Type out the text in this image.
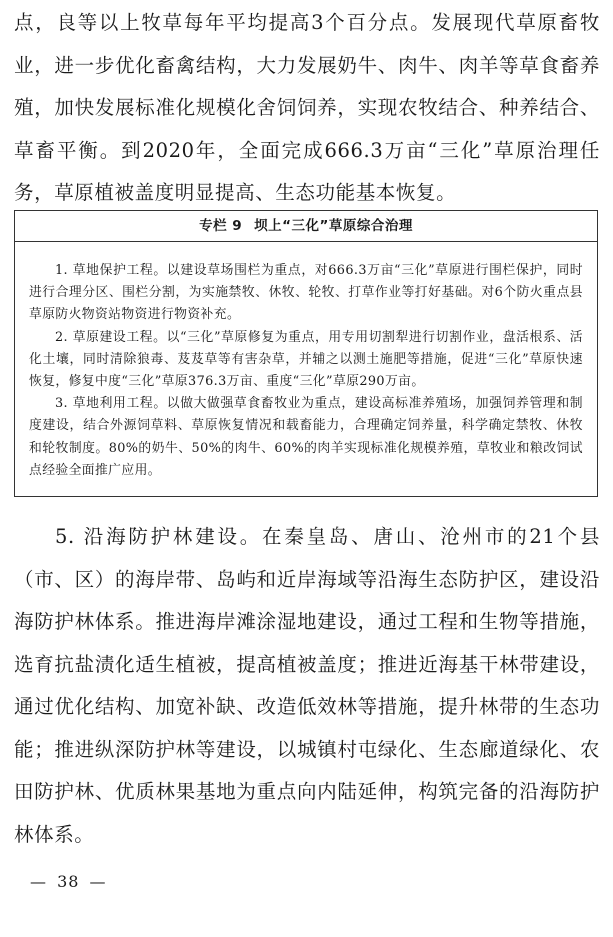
点，良等以上牧草每年平均提高3个百分点。发展现代草原畜牧业，进一步优化畜禽结构，大力发展奶牛、肉牛、肉羊等草食畜养殖，加快发展标准化规模化舍饲饲养，实现农牧结合、种养结合、草畜平衡。到2020年，全面完成666.3万亩“三化”草原治理任务，草原植被盖度明显提高、生态功能基本恢复。

专栏 9 坝上“三化”草原综合治理

1. 草地保护工程。以建设草场围栏为重点，对666.3万亩“三化”草原进行围栏保护，同时进行合理分区、围栏分割，为实施禁牧、休牧、轮牧、打草作业等打好基础。对6个防火重点县草原防火物资站物资进行物资补充。

2. 草原建设工程。以“三化”草原修复为重点，用专用切割犁进行切割作业，盘活根系、活化土壤，同时清除狼毒、芨芨草等有害杂草，并辅之以测土施肥等措施，促进“三化”草原快速恢复，修复中度“三化”草原376.3万亩、重度“三化”草原290万亩。

3. 草地利用工程。以做大做强草食畜牧业为重点，建设高标准养殖场，加强饲养管理和制度建设，结合外源饲草料、草原恢复情况和载畜能力，合理确定饲养量，科学确定禁牧、休牧和轮牧制度。80%的奶牛、50%的肉牛、60%的肉羊实现标准化规模养殖，草牧业和粮改饲试点经验全面推广应用。

5. 沿海防护林建设。在秦皇岛、唐山、沧州市的21个县（市、区）的海岸带、岛屿和近岸海域等沿海生态防护区，建设沿海防护林体系。推进海岸滩涂湿地建设，通过工程和生物等措施，选育抗盐渍化适生植被，提高植被盖度；推进近海基干林带建设，通过优化结构、加宽补缺、改造低效林等措施，提升林带的生态功能；推进纵深防护林等建设，以城镇村屯绿化、生态廊道绿化、农田防护林、优质林果基地为重点向内陆延伸，构筑完备的沿海防护林体系。

— 38 —
